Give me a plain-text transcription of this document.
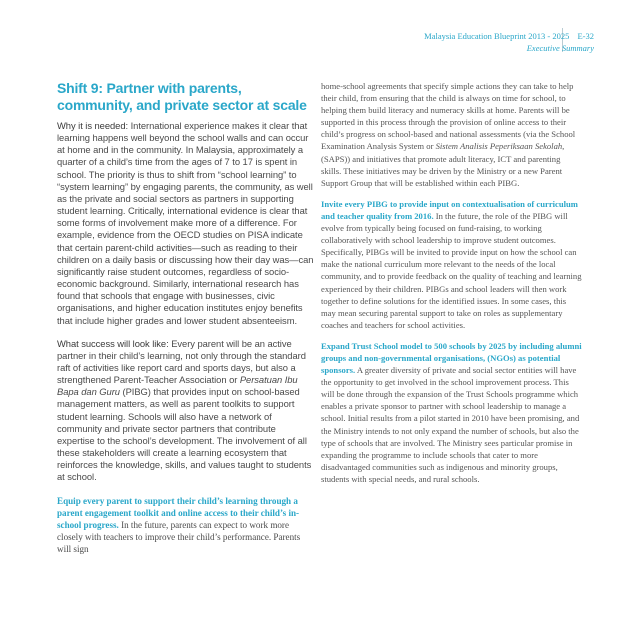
Malaysia Education Blueprint 2013 - 2025 E-32
Executive Summary
Shift 9: Partner with parents, community, and private sector at scale

Why it is needed: International experience makes it clear that learning happens well beyond the school walls and can occur at home and in the community. In Malaysia, approximately a quarter of a child’s time from the ages of 7 to 17 is spent in school. The priority is thus to shift from “school learning” to “system learning” by engaging parents, the community, as well as the private and social sectors as partners in supporting student learning. Critically, international evidence is clear that some forms of involvement make more of a difference. For example, evidence from the OECD studies on PISA indicate that certain parent-child activities—such as reading to their children on a daily basis or discussing how their day was—can significantly raise student outcomes, regardless of socio-economic background. Similarly, international research has found that schools that engage with businesses, civic organisations, and higher education institutes enjoy benefits that include higher grades and lower student absenteeism.

What success will look like: Every parent will be an active partner in their child’s learning, not only through the standard raft of activities like report card and sports days, but also a strengthened Parent-Teacher Association or Persatuan Ibu Bapa dan Guru (PIBG) that provides input on school-based management matters, as well as parent toolkits to support student learning. Schools will also have a network of community and private sector partners that contribute expertise to the school’s development. The involvement of all these stakeholders will create a learning ecosystem that reinforces the knowledge, skills, and values taught to students at school.

Equip every parent to support their child’s learning through a parent engagement toolkit and online access to their child’s in-school progress. In the future, parents can expect to work more closely with teachers to improve their child’s performance. Parents will sign

home-school agreements that specify simple actions they can take to help their child, from ensuring that the child is always on time for school, to helping them build literacy and numeracy skills at home. Parents will be supported in this process through the provision of online access to their child’s progress on school-based and national assessments (via the School Examination Analysis System or Sistem Analisis Peperiksaan Sekolah, (SAPS)) and initiatives that promote adult literacy, ICT and parenting skills. These initiatives may be driven by the Ministry or a new Parent Support Group that will be established within each PIBG.

Invite every PIBG to provide input on contextualisation of curriculum and teacher quality from 2016. In the future, the role of the PIBG will evolve from typically being focused on fund-raising, to working collaboratively with school leadership to improve student outcomes. Specifically, PIBGs will be invited to provide input on how the school can make the national curriculum more relevant to the needs of the local community, and to provide feedback on the quality of teaching and learning experienced by their children. PIBGs and school leaders will then work together to define solutions for the identified issues. In some cases, this may mean securing parental support to take on roles as supplementary coaches and teachers for school activities.

Expand Trust School model to 500 schools by 2025 by including alumni groups and non-governmental organisations, (NGOs) as potential sponsors. A greater diversity of private and social sector entities will have the opportunity to get involved in the school improvement process. This will be done through the expansion of the Trust Schools programme which enables a private sponsor to partner with school leadership to manage a school. Initial results from a pilot started in 2010 have been promising, and the Ministry intends to not only expand the number of schools, but also the type of schools that are involved. The Ministry sees particular promise in expanding the programme to include schools that cater to more disadvantaged communities such as indigenous and minority groups, students with special needs, and rural schools.
